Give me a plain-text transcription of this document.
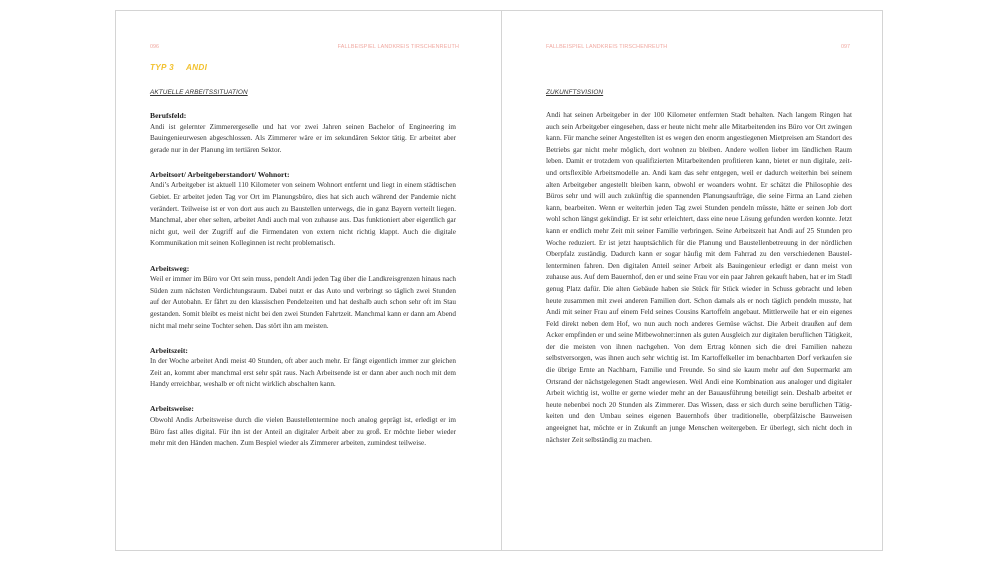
096	FALLBEISPIEL LANDKREIS TIRSCHENREUTH
TYP 3 ANDI
AKTUELLE ARBEITSSITUATION
Berufsfeld:

Andi ist gelernter Zimmerergeselle und hat vor zwei Jahren seinen Bachelor of Engineering im Bauingenieurwesen abgeschlossen. Als Zimmerer wäre er im sekundären Sektor tätig. Er arbeitet aber gerade nur in der Planung im tertiären Sektor.

Arbeitsort/ Arbeitgeberstandort/ Wohnort:

Andi’s Arbeitgeber ist aktuell 110 Kilometer von seinem Wohnort entfernt und liegt in einem städtischen Gebiet. Er arbeitet jeden Tag vor Ort im Planungsbüro, dies hat sich auch während der Pandemie nicht verändert. Teilweise ist er von dort aus auch zu Baustellen unterwegs, die in ganz Bayern verteilt liegen. Manchmal, aber eher selten, arbeitet Andi auch mal von zuhause aus. Das funktioniert aber eigentlich gar nicht gut, weil der Zugriff auf die Firmendaten von extern nicht richtig klappt. Auch die digitale Kommunikation mit seinen Kolleginnen ist recht problematisch.

Arbeitsweg:

Weil er immer im Büro vor Ort sein muss, pendelt Andi jeden Tag über die Landkreisgrenzen hinaus nach Süden zum nächsten Verdichtungsraum. Dabei nutzt er das Auto und verbringt so täglich zwei Stunden auf der Autobahn. Er fährt zu den klassischen Pendelzeiten und hat deshalb auch schon sehr oft im Stau gestanden. Somit bleibt es meist nicht bei den zwei Stunden Fahrtzeit. Manchmal kann er dann am Abend nicht mal mehr seine Tochter sehen. Das stört ihn am meisten.

Arbeitszeit:

In der Woche arbeitet Andi meist 40 Stunden, oft aber auch mehr. Er fängt eigentlich immer zur gleichen Zeit an, kommt aber manchmal erst sehr spät raus. Nach Arbeitsende ist er dann aber auch noch mit dem Handy erreichbar, weshalb er oft nicht wirklich abschalten kann.

Arbeitsweise:

Obwohl Andis Arbeitsweise durch die vielen Baustellentermine noch analog geprägt ist, erledigt er im Büro fast alles digital. Für ihn ist der Anteil an digitaler Arbeit aber zu groß. Er möchte lieber wieder mehr mit den Händen machen. Zum Bespiel wieder als Zimmerer arbeiten, zumindest teilweise.

FALLBEISPIEL LANDKREIS TIRSCHENREUTH	097
ZUKUNFTSVISION

Andi hat seinen Arbeitgeber in der 100 Kilometer entfernten Stadt behalten. Nach langem Ringen hat auch sein Arbeitgeber eingesehen, dass er heute nicht mehr alle Mitarbeitenden ins Büro vor Ort zwingen kann. Für manche seiner Angestellten ist es wegen den enorm angestiegenen Mietpreisen am Standort des Betriebs gar nicht mehr möglich, dort wohnen zu bleiben. Andere wollen lieber im ländlichen Raum leben. Damit er trotzdem von qualifizierten Mitarbeitenden profitieren kann, bietet er nun digitale, zeit- und ortsflexible Arbeitsmodelle an. Andi kam das sehr entgegen, weil er dadurch weiterhin bei seinem alten Arbeitgeber angestellt bleiben kann, obwohl er woanders wohnt. Er schätzt die Philosophie des Büros sehr und will auch zukünftig die spannenden Planungsaufträge, die seine Firma an Land ziehen kann, bearbeiten. Wenn er weiterhin jeden Tag zwei Stunden pendeln müsste, hätte er seinen Job dort wohl schon längst gekündigt. Er ist sehr erleichtert, dass eine neue Lösung gefunden werden konnte. Jetzt kann er endlich mehr Zeit mit seiner Familie verbringen. Seine Arbeitszeit hat Andi auf 25 Stunden pro Woche reduziert. Er ist jetzt hauptsächlich für die Planung und Baustellenbetreuung in der nördlichen Oberpfalz zuständig. Dadurch kann er sogar häufig mit dem Fahrrad zu den verschiedenen Baustellenterminen fahren. Den digitalen Anteil seiner Arbeit als Bauingenieur erledigt er dann meist von zuhause aus. Auf dem Bauernhof, den er und seine Frau vor ein paar Jahren gekauft haben, hat er im Stadl genug Platz dafür. Die alten Gebäude haben sie Stück für Stück wieder in Schuss gebracht und leben heute zusammen mit zwei anderen Familien dort. Schon damals als er noch täglich pendeln musste, hat Andi mit seiner Frau auf einem Feld seines Cousins Kartoffeln angebaut. Mittlerweile hat er ein eigenes Feld direkt neben dem Hof, wo nun auch noch anderes Gemüse wächst. Die Arbeit draußen auf dem Acker empfinden er und seine Mitbewohner:innen als guten Ausgleich zur digitalen beruflichen Tätigkeit, der die meisten von ihnen nachgehen. Von dem Ertrag können sich die drei Familien nahezu selbstversorgen, was ihnen auch sehr wichtig ist. Im Kartoffelkeller im benachbarten Dorf verkaufen sie die übrige Ernte an Nachbarn, Familie und Freunde. So sind sie kaum mehr auf den Supermarkt am Ortsrand der nächstgelegenen Stadt angewiesen. Weil Andi eine Kombination aus analoger und digitaler Arbeit wichtig ist, wollte er gerne wieder mehr an der Bauausführung beteiligt sein. Deshalb arbeitet er heute nebenbei noch 20 Stunden als Zimmerer. Das Wissen, dass er sich durch seine beruflichen Tätigkeiten und den Umbau seines eigenen Bauernhofs über traditionelle, oberpfälzische Bauweisen angeeignet hat, möchte er in Zukunft an junge Menschen weitergeben. Er überlegt, sich nicht doch in nächster Zeit selbständig zu machen.
